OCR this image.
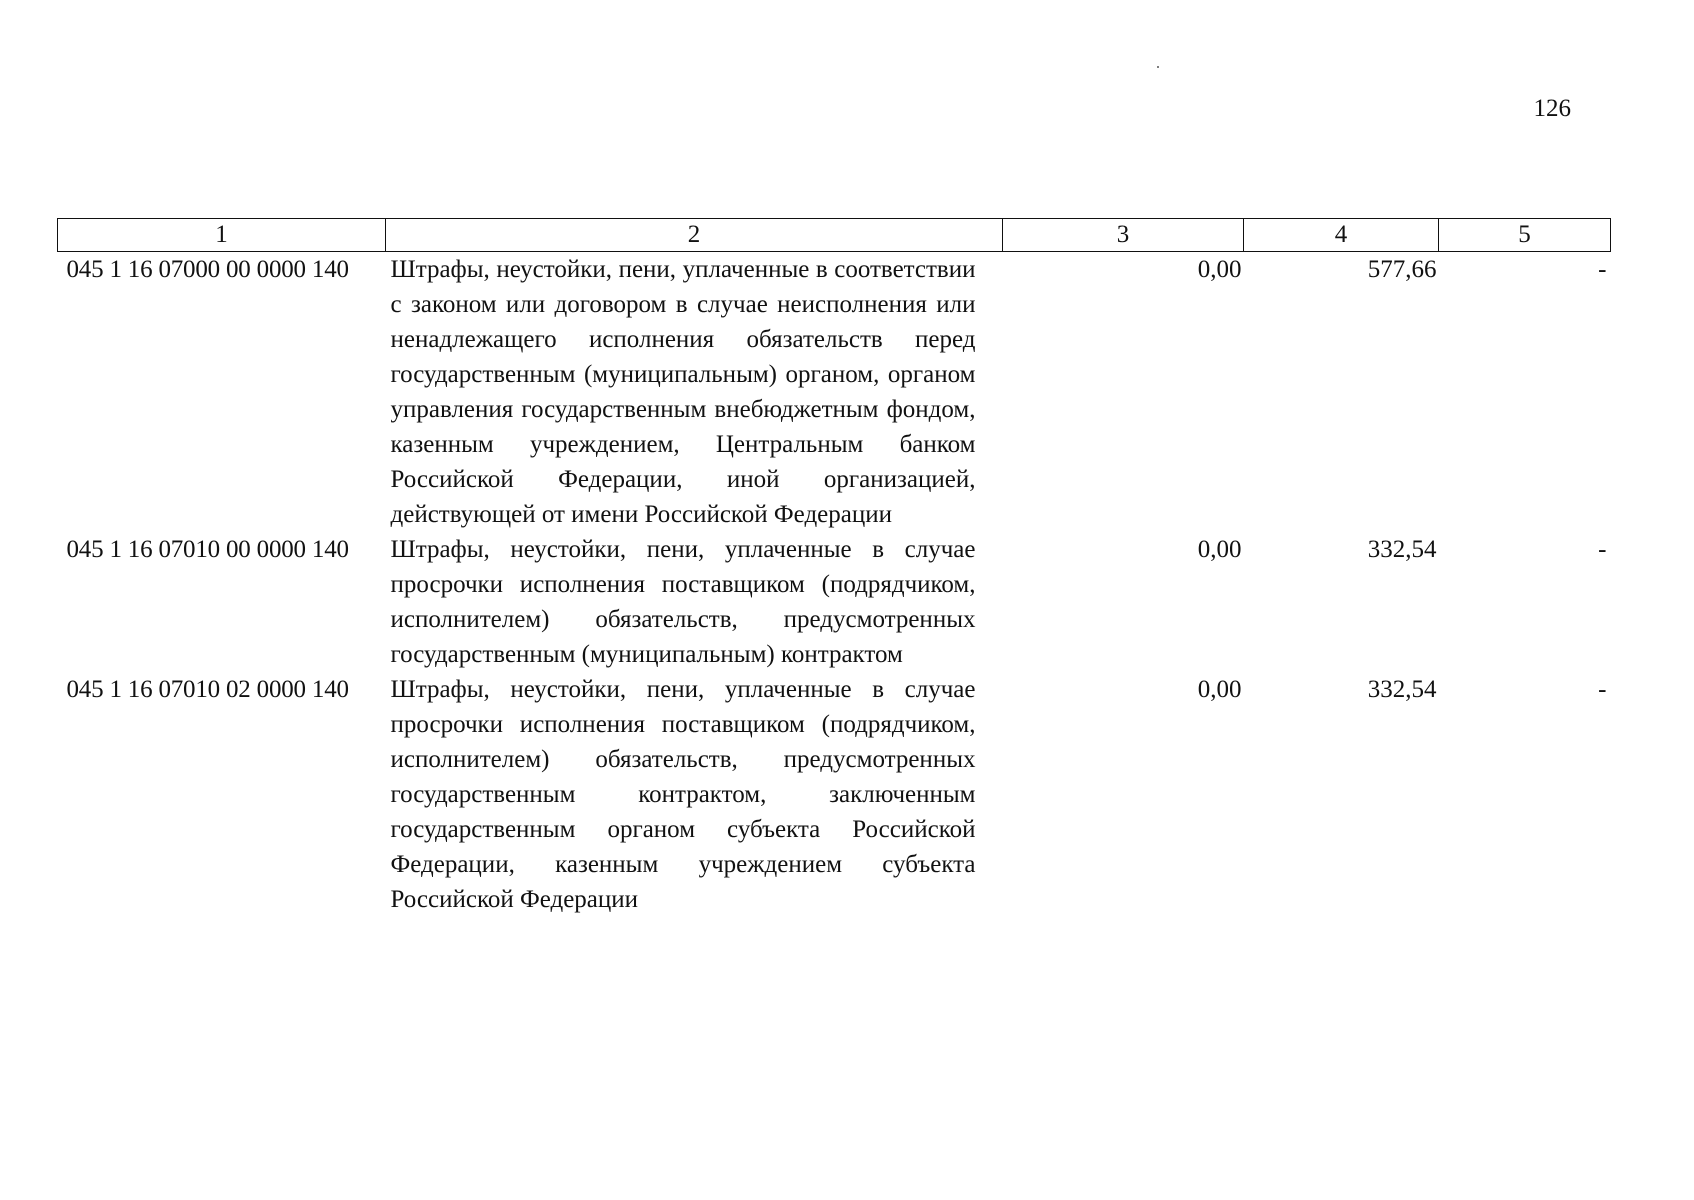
126
1	2	3	4	5
045 1 16 07000 00 0000 140	Штрафы, неустойки, пени, уплаченные в соответствии с законом или договором в случае неисполнения или ненадлежащего исполнения обязательств перед государственным (муниципальным) органом, органом управления государственным внебюджетным фондом, казенным учреждением, Центральным банком Российской Федерации, иной организацией, действующей от имени Российской Федерации	0,00	577,66	-
045 1 16 07010 00 0000 140	Штрафы, неустойки, пени, уплаченные в случае просрочки исполнения поставщиком (подрядчиком, исполнителем) обязательств, предусмотренных государственным (муниципальным) контрактом	0,00	332,54	-
045 1 16 07010 02 0000 140	Штрафы, неустойки, пени, уплаченные в случае просрочки исполнения поставщиком (подрядчиком, исполнителем) обязательств, предусмотренных государственным контрактом, заключенным государственным органом субъекта Российской Федерации, казенным учреждением субъекта Российской Федерации	0,00	332,54	-
